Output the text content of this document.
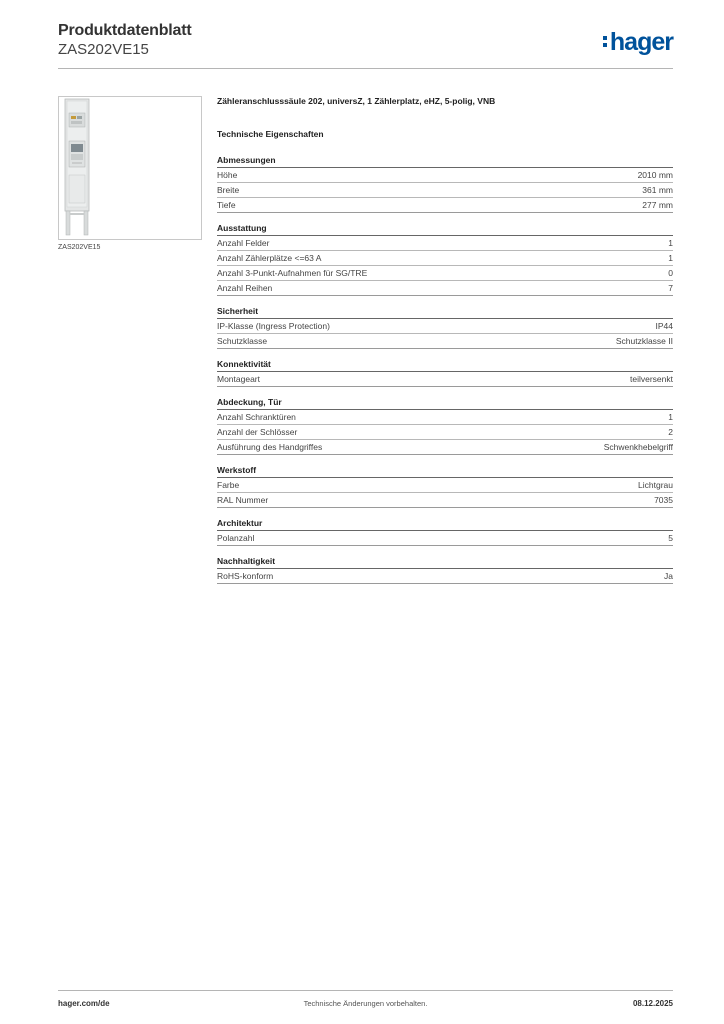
Produktdatenblatt
ZAS202VE15	hager
ZAS202VE15
Zähleranschlusssäule 202, universZ, 1 Zählerplatz, eHZ, 5-polig, VNB
Technische Eigenschaften
Abmessungen
Höhe	2010 mm
Breite	361 mm
Tiefe	277 mm
Ausstattung
Anzahl Felder	1
Anzahl Zählerplätze <=63 A	1
Anzahl 3-Punkt-Aufnahmen für SG/TRE	0
Anzahl Reihen	7
Sicherheit
IP-Klasse (Ingress Protection)	IP44
Schutzklasse	Schutzklasse II
Konnektivität
Montageart	teilversenkt
Abdeckung, Tür
Anzahl Schranktüren	1
Anzahl der Schlösser	2
Ausführung des Handgriffes	Schwenkhebelgriff
Werkstoff
Farbe	Lichtgrau
RAL Nummer	7035
Architektur
Polanzahl	5
Nachhaltigkeit
RoHS-konform	Ja
hager.com/de	Technische Änderungen vorbehalten.	08.12.2025
